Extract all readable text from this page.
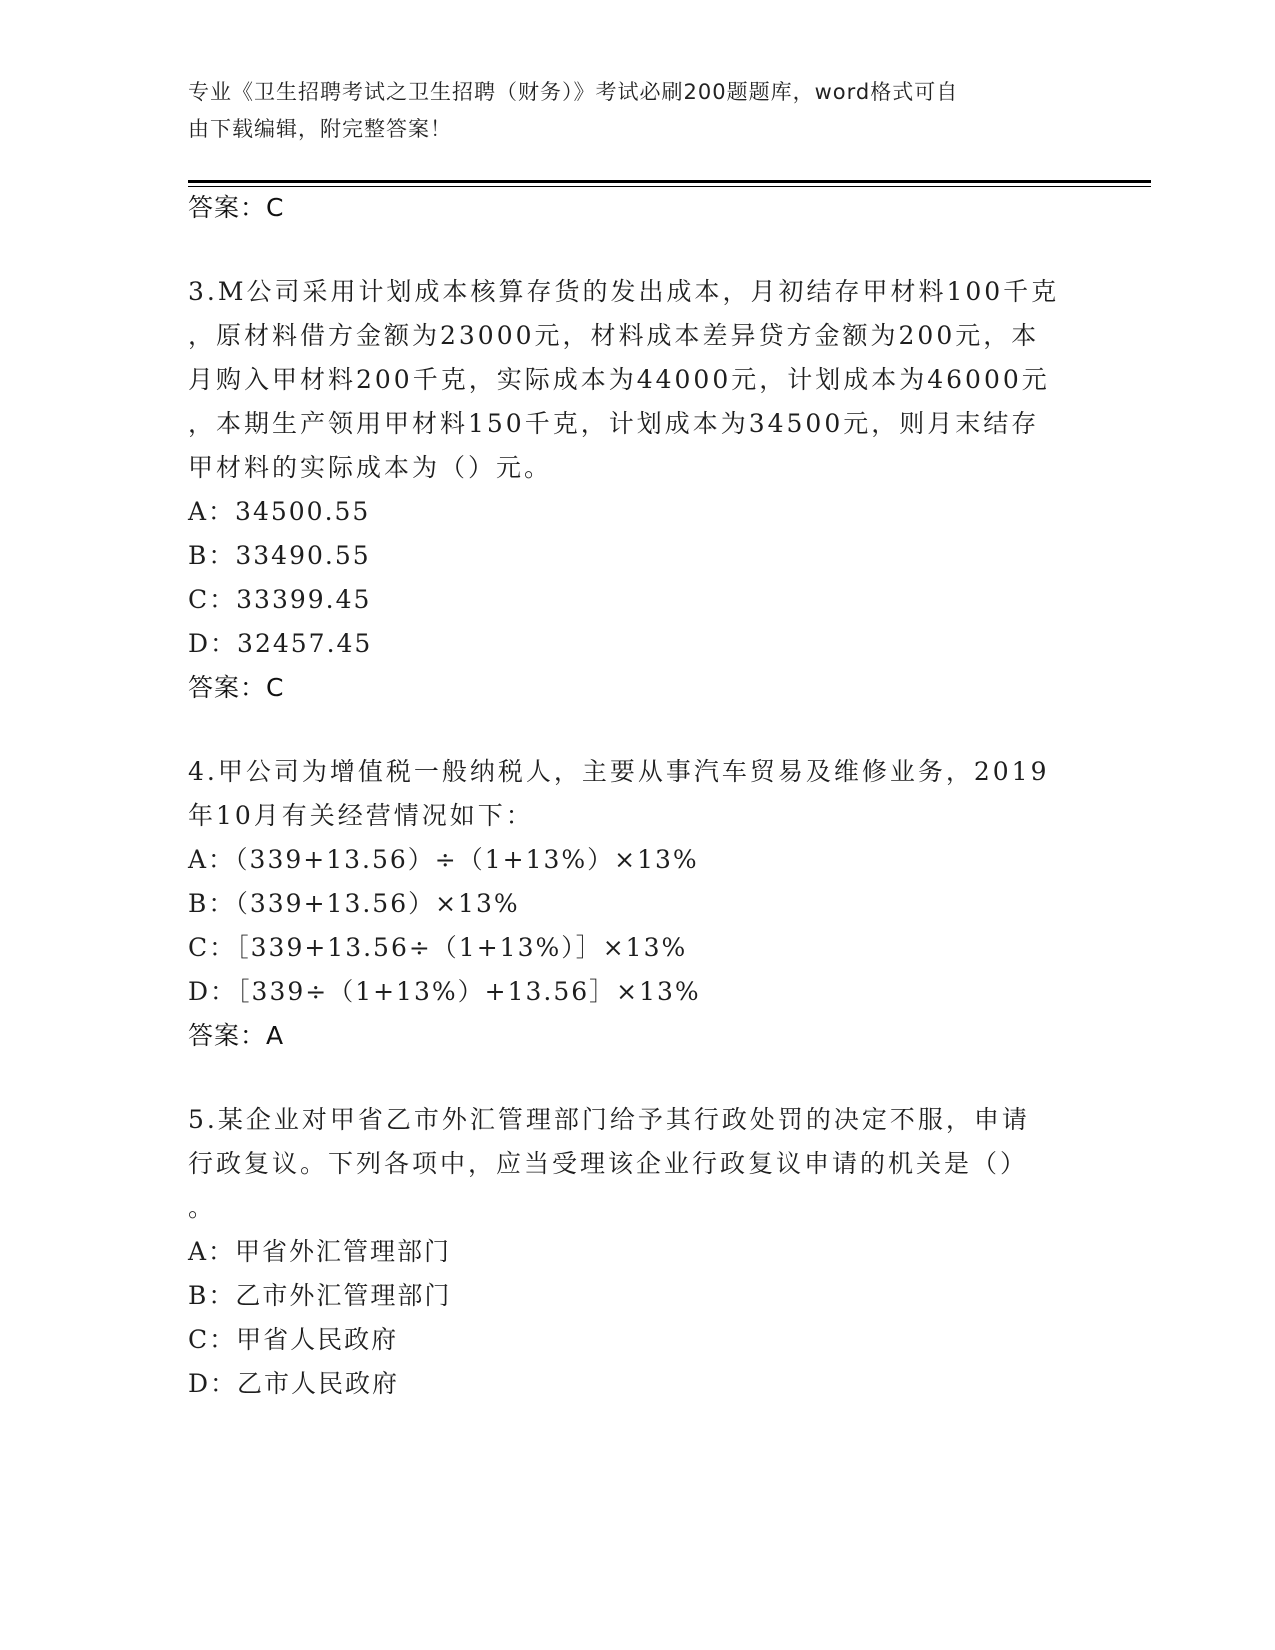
专业《卫生招聘考试之卫生招聘（财务）》考试必刷200题题库，word格式可自
由下载编辑，附完整答案！
答案：C
3.M公司采用计划成本核算存货的发出成本，月初结存甲材料100千克
，原材料借方金额为23000元，材料成本差异贷方金额为200元，本
月购入甲材料200千克，实际成本为44000元，计划成本为46000元
，本期生产领用甲材料150千克，计划成本为34500元，则月末结存
甲材料的实际成本为（）元。
A：34500.55
B：33490.55
C：33399.45
D：32457.45
答案：C
4.甲公司为增值税一般纳税人，主要从事汽车贸易及维修业务，2019
年10月有关经营情况如下：
A：（339+13.56）÷（1+13%）×13%
B：（339+13.56）×13%
C：［339+13.56÷（1+13%）］×13%
D：［339÷（1+13%）+13.56］×13%
答案：A
5.某企业对甲省乙市外汇管理部门给予其行政处罚的决定不服，申请
行政复议。下列各项中，应当受理该企业行政复议申请的机关是（）
。
A：甲省外汇管理部门
B：乙市外汇管理部门
C：甲省人民政府
D：乙市人民政府
